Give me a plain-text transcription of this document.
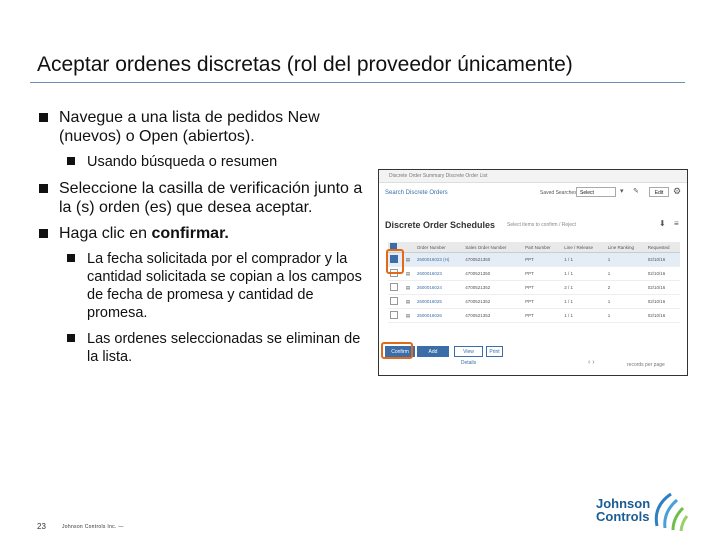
Aceptar ordenes discretas (rol del proveedor únicamente)
Navegue a una lista de pedidos New (nuevos) o Open (abiertos).
Usando búsqueda o resumen
Seleccione la casilla de verificación junto a la (s) orden (es) que desea aceptar.
Haga clic en confirmar.
La fecha solicitada por el comprador y la cantidad solicitada se copian a los campos de fecha de promesa y cantidad de promesa.
Las ordenes seleccionadas se eliminan de la lista.
Discrete Order Summary Discrete Order List
Search Discrete Orders	Saved Searches Select	▾ ✎	Edit	⚙
Discrete Order Schedules Select items to confirm / Reject	⬇ ≡
		Order Number	Sales Order Number	Part Number	Line / Release	Line Ranking	Requested
	▤	2600016023 (H)	4700521350	PPT	1 / 1	1	02/10/16
	▤	2600016023	4700521350	PPT	1 / 1	1	02/10/16
	▤	2600016024	4700521352	PPT	2 / 1	2	02/10/16
	▤	2600016025	4700521352	PPT	1 / 1	1	02/10/16
	▤	2600016026	4700521353	PPT	1 / 1	1	02/10/16
Confirm	Add Promises
View Details
Print
‹ ›	records per page
23	Johnson Controls Inc. —
Johnson
Controls
